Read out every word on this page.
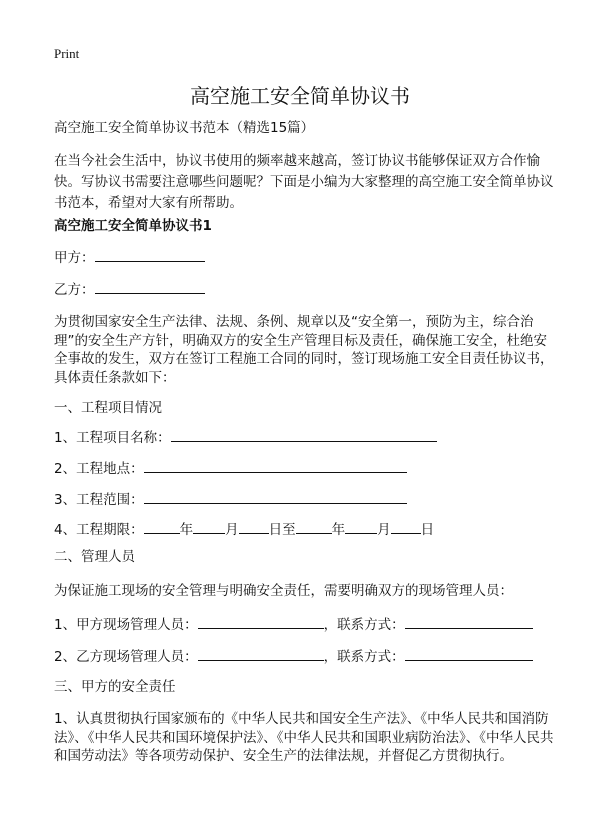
Print
高空施工安全简单协议书
高空施工安全简单协议书范本（精选15篇）
在当今社会生活中，协议书使用的频率越来越高，签订协议书能够保证双方合作愉快。写协议书需要注意哪些问题呢？下面是小编为大家整理的高空施工安全简单协议书范本，希望对大家有所帮助。
高空施工安全简单协议书1
甲方：
乙方：
为贯彻国家安全生产法律、法规、条例、规章以及“安全第一，预防为主，综合治理”的安全生产方针，明确双方的安全生产管理目标及责任，确保施工安全，杜绝安全事故的发生，双方在签订工程施工合同的同时，签订现场施工安全目责任协议书，具体责任条款如下：
一、工程项目情况
1、工程项目名称：
2、工程地点：
3、工程范围：
4、工程期限：	年 月 日至	年 月 日
二、管理人员
为保证施工现场的安全管理与明确安全责任，需要明确双方的现场管理人员：
1、甲方现场管理人员：	，联系方式：
2、乙方现场管理人员：	，联系方式：
三、甲方的安全责任
1、认真贯彻执行国家颁布的《中华人民共和国安全生产法》、《中华人民共和国消防法》、《中华人民共和国环境保护法》、《中华人民共和国职业病防治法》、《中华人民共和国劳动法》等各项劳动保护、安全生产的法律法规，并督促乙方贯彻执行。
